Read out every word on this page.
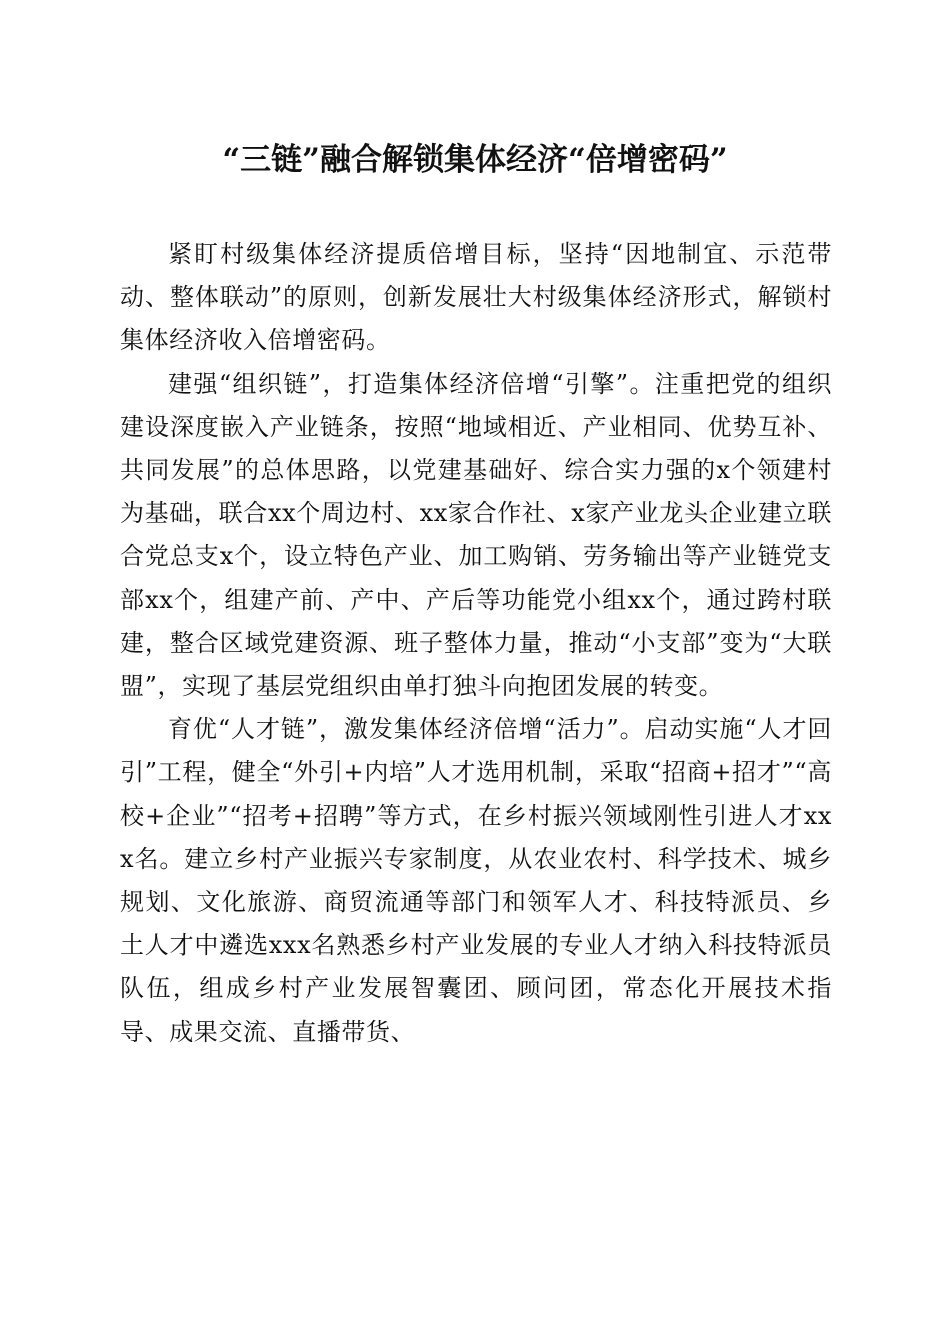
“三链”融合解锁集体经济“倍增密码”

紧盯村级集体经济提质倍增目标，坚持“因地制宜、示范带动、整体联动”的原则，创新发展壮大村级集体经济形式，解锁村集体经济收入倍增密码。

建强“组织链”，打造集体经济倍增“引擎”。注重把党的组织建设深度嵌入产业链条，按照“地域相近、产业相同、优势互补、共同发展”的总体思路，以党建基础好、综合实力强的x个领建村为基础，联合xx个周边村、xx家合作社、x家产业龙头企业建立联合党总支x个，设立特色产业、加工购销、劳务输出等产业链党支部xx个，组建产前、产中、产后等功能党小组xx个，通过跨村联建，整合区域党建资源、班子整体力量，推动“小支部”变为“大联盟”，实现了基层党组织由单打独斗向抱团发展的转变。

育优“人才链”，激发集体经济倍增“活力”。启动实施“人才回引”工程，健全“外引+内培”人才选用机制，采取“招商+招才”“高校+企业”“招考+招聘”等方式，在乡村振兴领域刚性引进人才xxx名。建立乡村产业振兴专家制度，从农业农村、科学技术、城乡规划、文化旅游、商贸流通等部门和领军人才、科技特派员、乡土人才中遴选xxx名熟悉乡村产业发展的专业人才纳入科技特派员队伍，组成乡村产业发展智囊团、顾问团，常态化开展技术指导、成果交流、直播带货、
